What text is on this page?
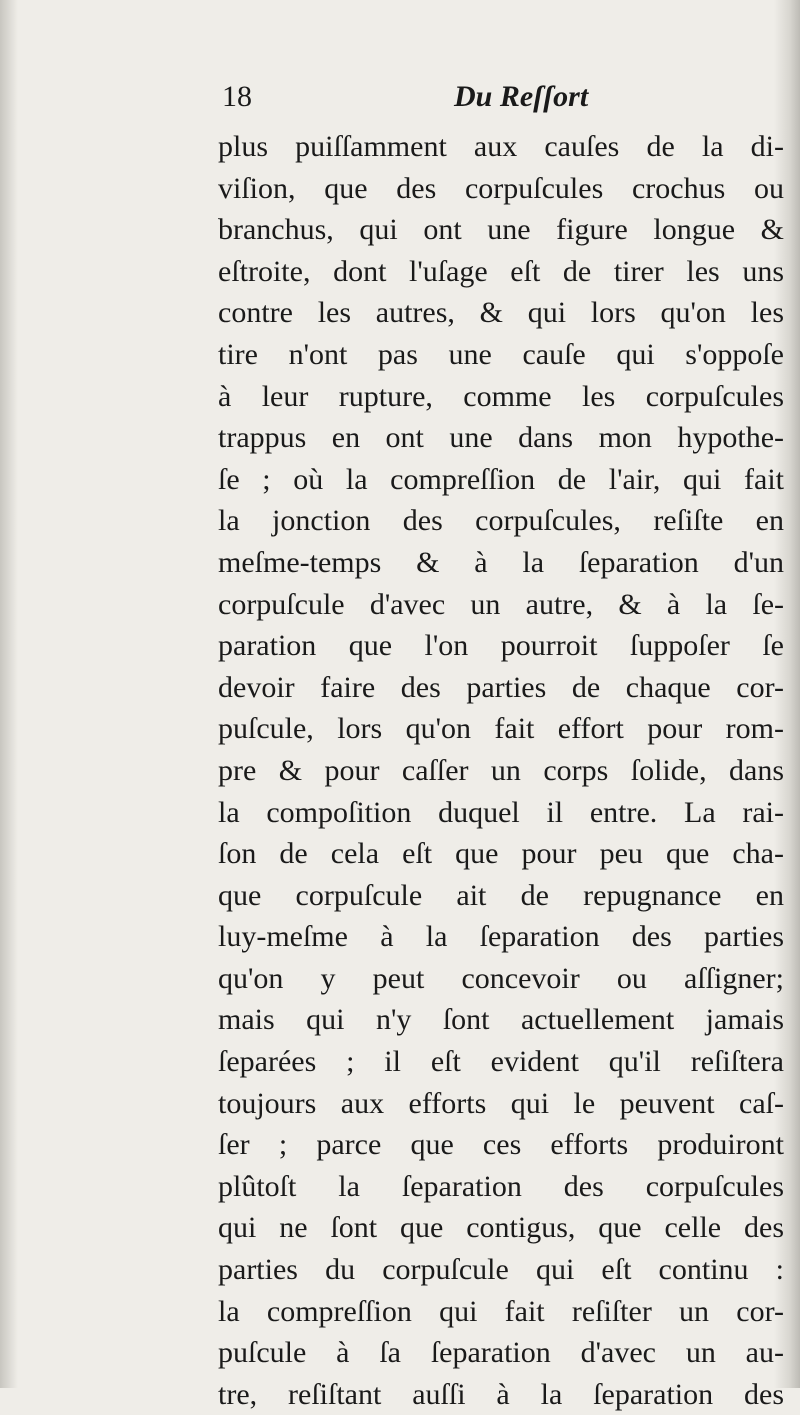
18	Du Reſſort
plus puiſſamment aux cauſes de la di-
viſion, que des corpuſcules crochus ou
branchus, qui ont une figure longue &
eſtroite, dont l'uſage eſt de tirer les uns
contre les autres, & qui lors qu'on les
tire n'ont pas une cauſe qui s'oppoſe
à leur rupture, comme les corpuſcules
trappus en ont une dans mon hypothe-
ſe ; où la compreſſion de l'air, qui fait
la jonction des corpuſcules, reſiſte en
meſme-temps & à la ſeparation d'un
corpuſcule d'avec un autre, & à la ſe-
paration que l'on pourroit ſuppoſer ſe
devoir faire des parties de chaque cor-
puſcule, lors qu'on fait effort pour rom-
pre & pour caſſer un corps ſolide, dans
la compoſition duquel il entre. La rai-
ſon de cela eſt que pour peu que cha-
que corpuſcule ait de repugnance en
luy-meſme à la ſeparation des parties
qu'on y peut concevoir ou aſſigner;
mais qui n'y ſont actuellement jamais
ſeparées ; il eſt evident qu'il reſiſtera
toujours aux efforts qui le peuvent caſ-
ſer ; parce que ces efforts produiront
plûtoſt la ſeparation des corpuſcules
qui ne ſont que contigus, que celle des
parties du corpuſcule qui eſt continu :
la compreſſion qui fait reſiſter un cor-
puſcule à ſa ſeparation d'avec un au-
tre, reſiſtant auſſi à la ſeparation des
